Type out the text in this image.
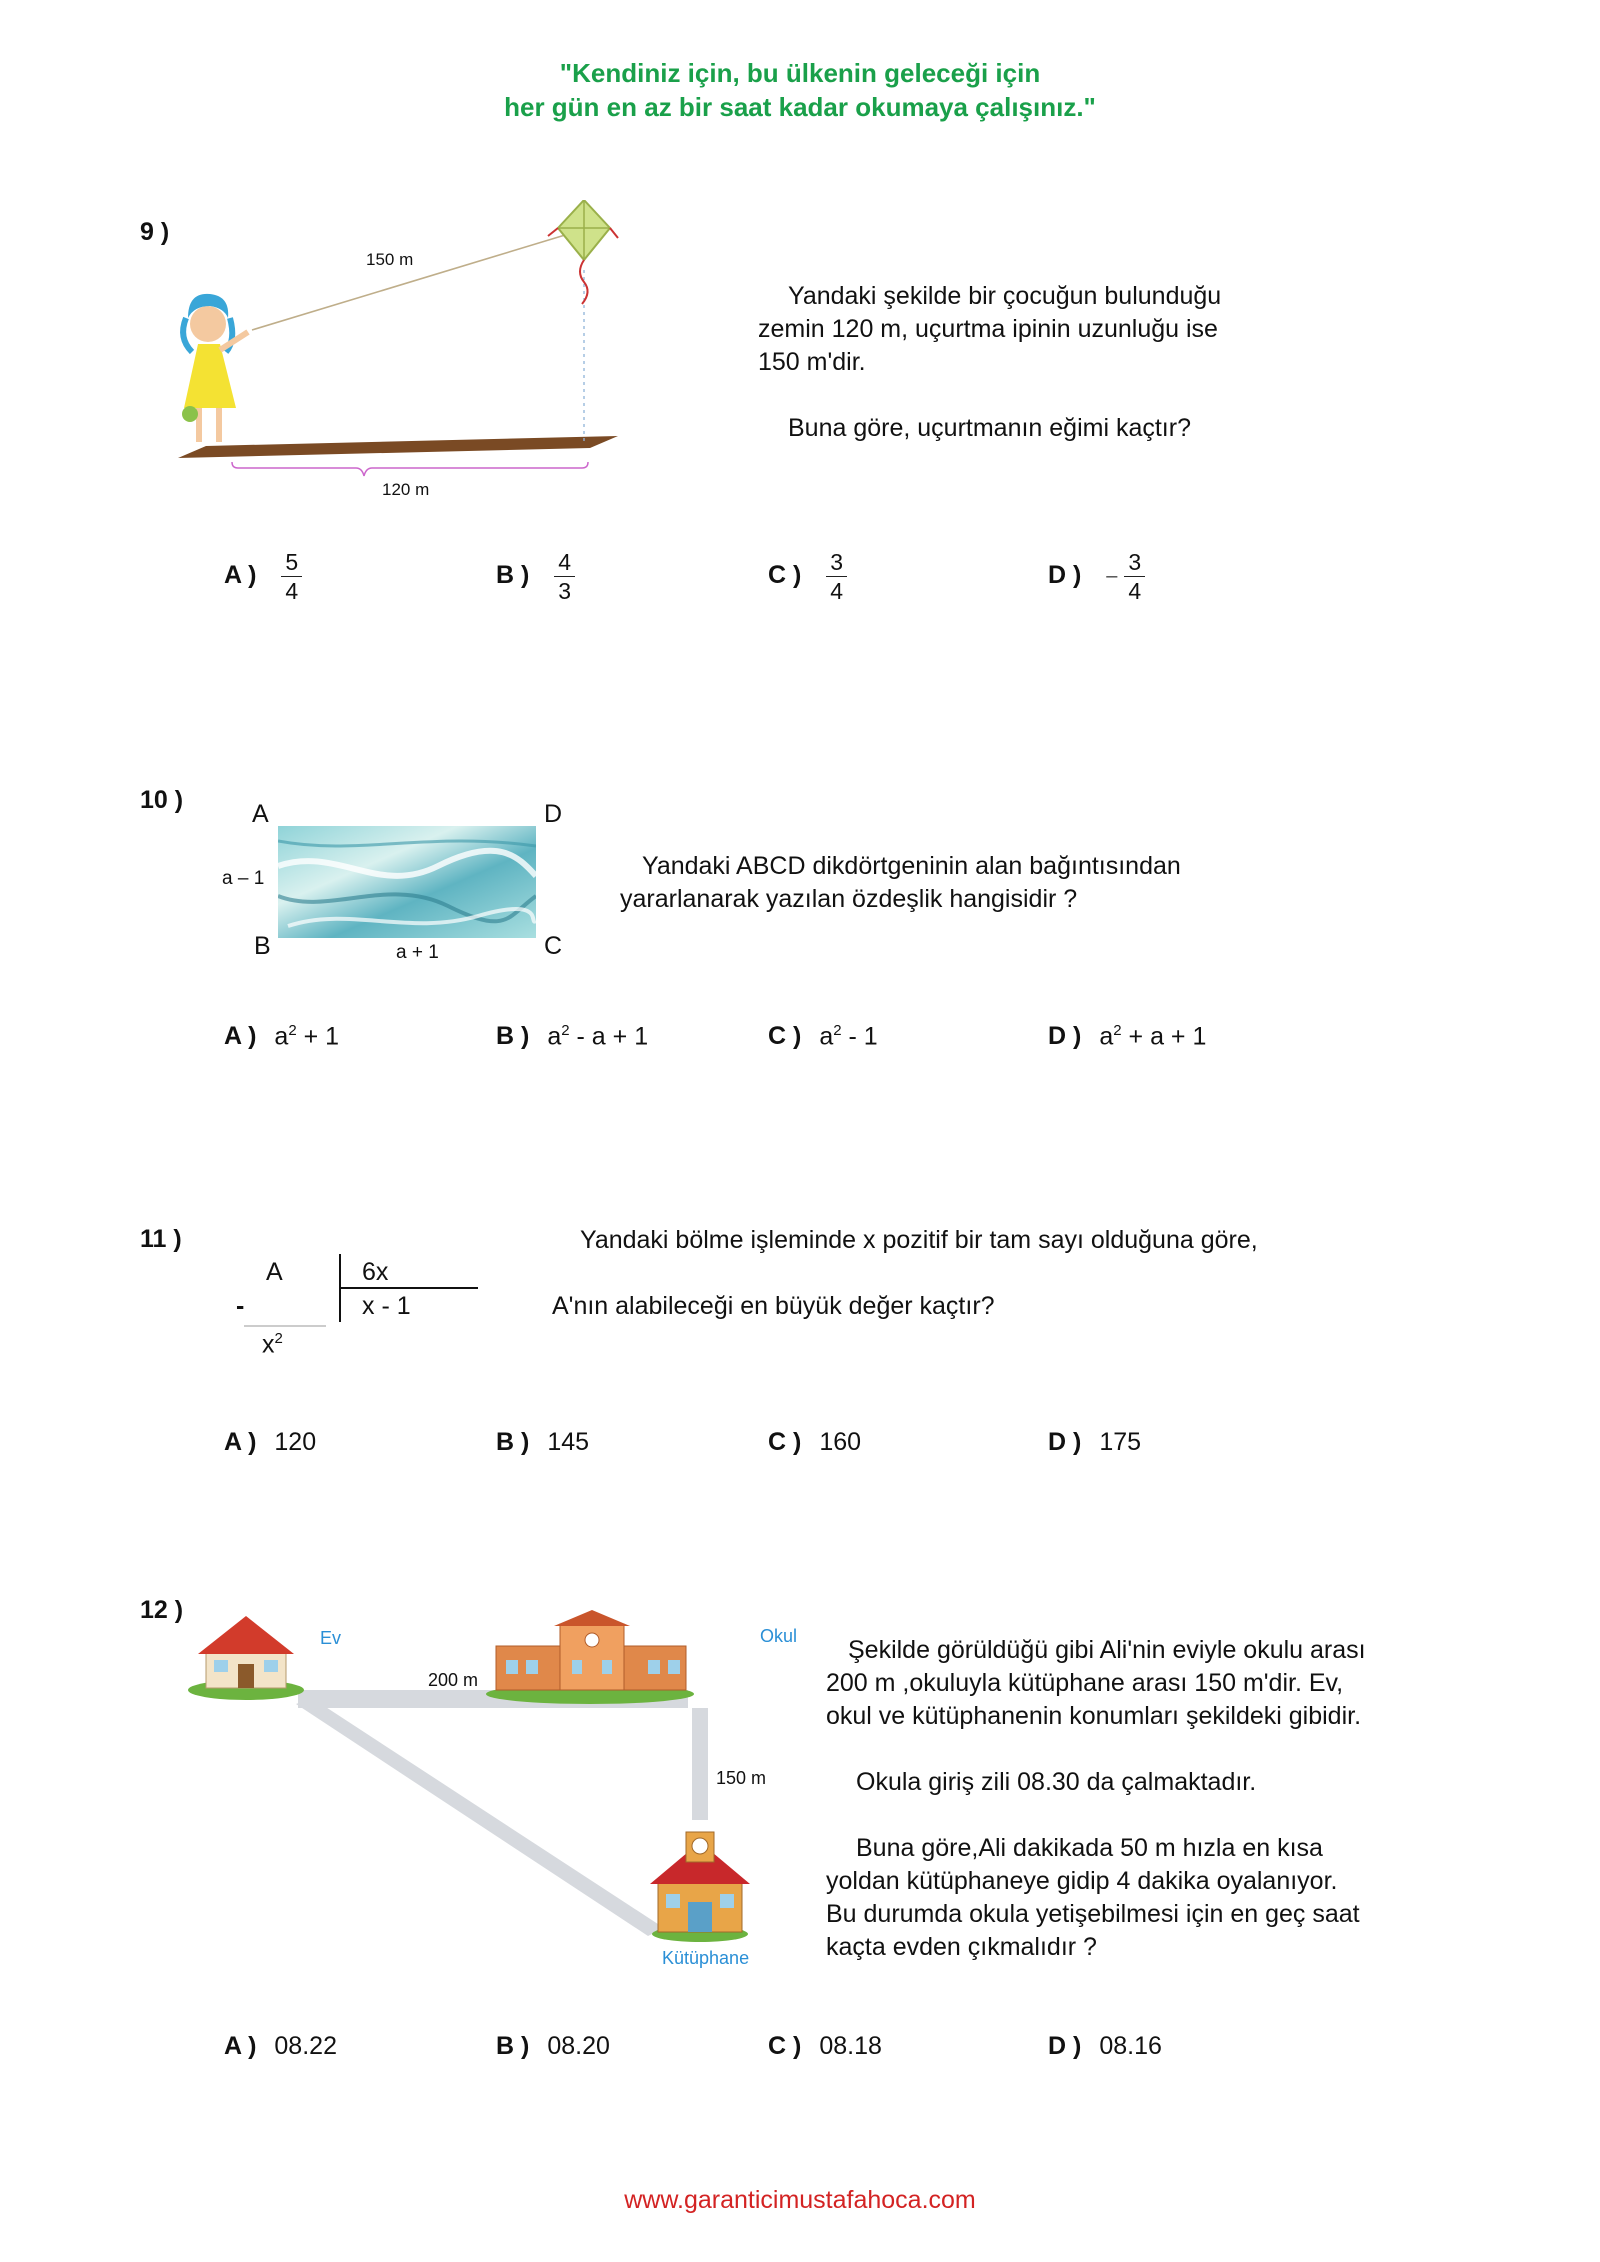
"Kendiniz için, bu ülkenin geleceği için
her gün en az bir saat kadar okumaya çalışınız."
9 )
150 m
120 m
Yandaki şekilde bir çocuğun bulunduğu
zemin 120 m, uçurtma ipinin uzunluğu ise
150 m'dir.
Buna göre, uçurtmanın eğimi kaçtır?
A ) $\frac{5}{4}$	B ) $\frac{4}{3}$	C ) $\frac{3}{4}$	D ) – $\frac{3}{4}$
10 )	A	D
B	C
a – 1
a + 1
Yandaki ABCD dikdörtgeninin alan bağıntısından
yararlanarak yazılan özdeşlik hangisidir ?
A ) $a^2 + 1$	B ) $a^2 - a + 1$	C ) $a^2 - 1$	D ) $a^2 + a + 1$
11 )
A	6x
x - 1
-
$x^2$
Yandaki bölme işleminde x pozitif bir tam sayı olduğuna göre,
A'nın alabileceği en büyük değer kaçtır?
A ) 120	B ) 145	C ) 160	D ) 175
12 )
Ev	Okul
Kütüphane
200 m
150 m
Şekilde görüldüğü gibi Ali'nin eviyle okulu arası
200 m ,okuluyla kütüphane arası 150 m'dir. Ev,
okul ve kütüphanenin konumları şekildeki gibidir.
Okula giriş zili 08.30 da çalmaktadır.
Buna göre,Ali dakikada 50 m hızla en kısa
yoldan kütüphaneye gidip 4 dakika oyalanıyor.
Bu durumda okula yetişebilmesi için en geç saat
kaçta evden çıkmalıdır ?
A ) 08.22	B ) 08.20	C ) 08.18	D ) 08.16
www.garanticimustafahoca.com
